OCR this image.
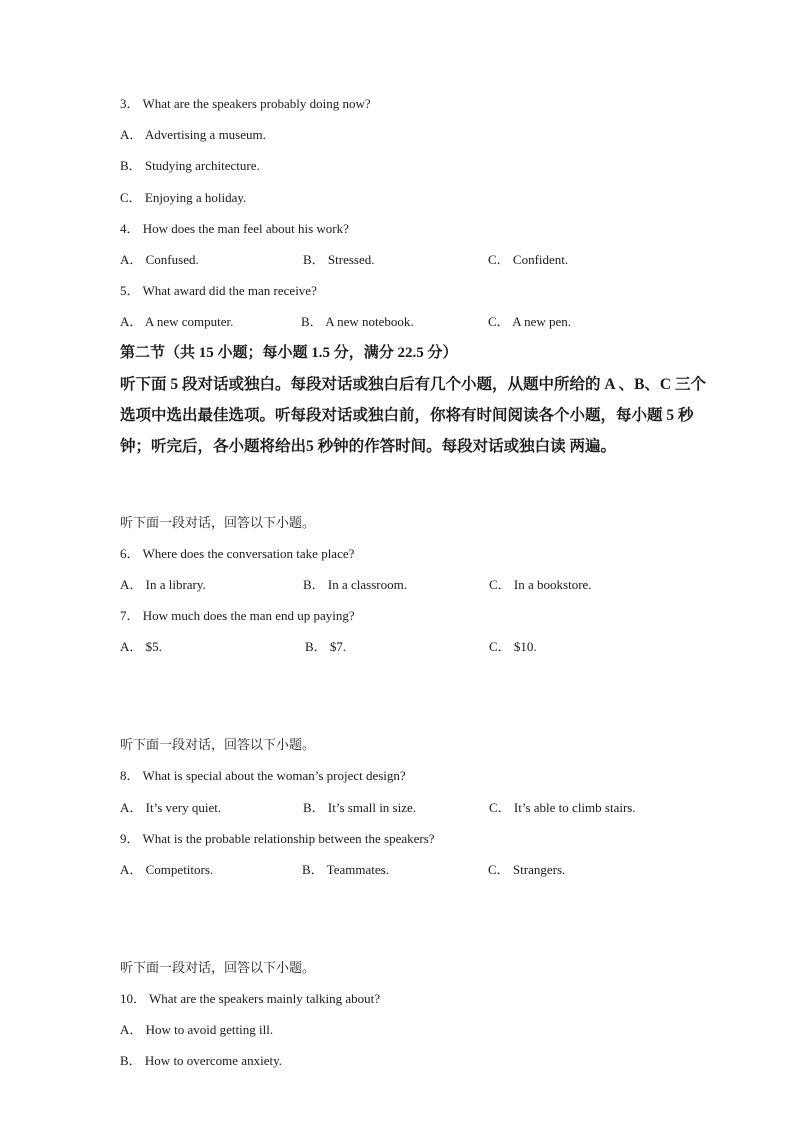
3． What are the speakers probably doing now?
A． Advertising a museum.
B． Studying architecture.
C． Enjoying a holiday.
4． How does the man feel about his work?
A． Confused.	B． Stressed.	C． Confident.
5． What award did the man receive?
A． A new computer.	B． A new notebook.	C． A new pen.
第二节（共 15 小题；每小题 1.5 分，满分 22.5 分）
听下面 5 段对话或独白。每段对话或独白后有几个小题，从题中所给的 A 、B、C 三个选项中选出最佳选项。听每段对话或独白前，你将有时间阅读各个小题，每小题 5 秒钟；听完后，各小题将给出5 秒钟的作答时间。每段对话或独白读 两遍。
听下面一段对话，回答以下小题。
6． Where does the conversation take place?
A． In a library.	B． In a classroom.	C． In a bookstore.
7． How much does the man end up paying?
A． $5.	B． $7.	C． $10.
听下面一段对话，回答以下小题。
8． What is special about the woman’s project design?
A． It’s very quiet.	B． It’s small in size.	C． It’s able to climb stairs.
9． What is the probable relationship between the speakers?
A． Competitors.	B． Teammates.	C． Strangers.
听下面一段对话，回答以下小题。
10． What are the speakers mainly talking about?
A． How to avoid getting ill.
B． How to overcome anxiety.
